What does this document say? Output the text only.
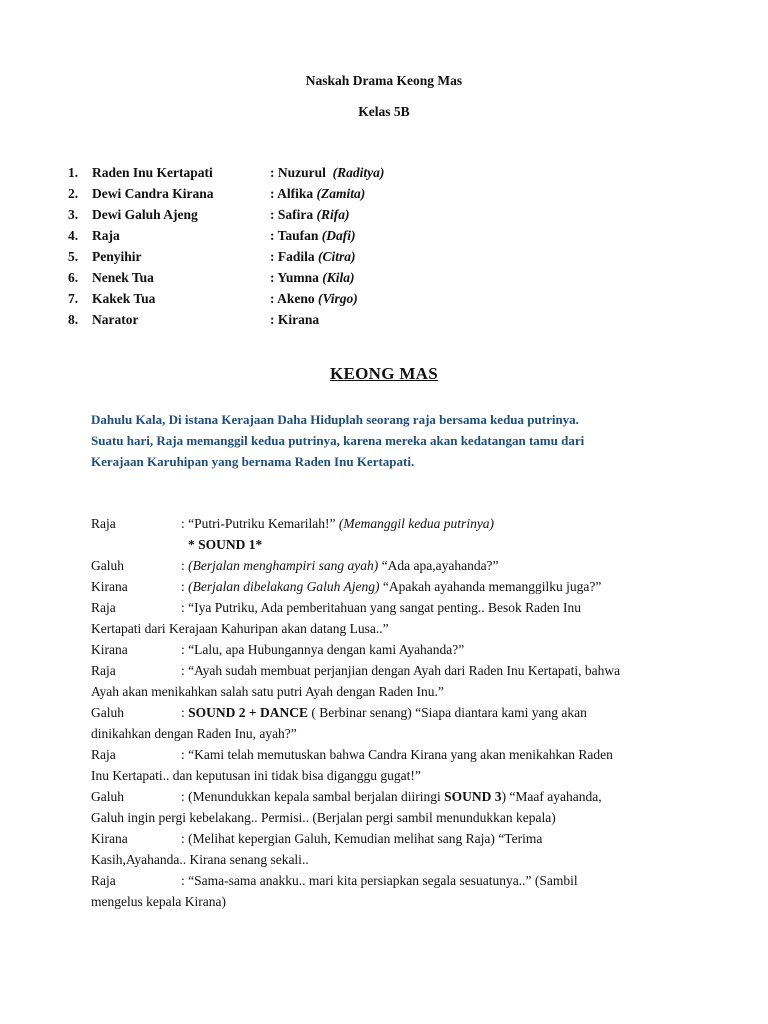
Naskah Drama Keong Mas
Kelas 5B
1. Raden Inu Kertapati	: Nuzurul (Raditya)
2. Dewi Candra Kirana	: Alfika (Zamita)
3. Dewi Galuh Ajeng	: Safira (Rifa)
4. Raja	: Taufan (Dafi)
5. Penyihir	: Fadila (Citra)
6. Nenek Tua	: Yumna (Kila)
7. Kakek Tua	: Akeno (Virgo)
8. Narator	: Kirana
KEONG MAS
Dahulu Kala, Di istana Kerajaan Daha Hiduplah seorang raja bersama kedua putrinya.
Suatu hari, Raja memanggil kedua putrinya, karena mereka akan kedatangan tamu dari
Kerajaan Karuhipan yang bernama Raden Inu Kertapati.
Raja	: “Putri-Putriku Kemarilah!” (Memanggil kedua putrinya)
* SOUND 1*
Galuh	: (Berjalan menghampiri sang ayah) “Ada apa,ayahanda?”
Kirana	: (Berjalan dibelakang Galuh Ajeng) “Apakah ayahanda memanggilku juga?”
Raja	: “Iya Putriku, Ada pemberitahuan yang sangat penting.. Besok Raden Inu
Kertapati dari Kerajaan Kahuripan akan datang Lusa..”
Kirana	: “Lalu, apa Hubungannya dengan kami Ayahanda?”
Raja	: “Ayah sudah membuat perjanjian dengan Ayah dari Raden Inu Kertapati, bahwa
Ayah akan menikahkan salah satu putri Ayah dengan Raden Inu.”
Galuh	: SOUND 2 + DANCE ( Berbinar senang) “Siapa diantara kami yang akan
dinikahkan dengan Raden Inu, ayah?”
Raja	: “Kami telah memutuskan bahwa Candra Kirana yang akan menikahkan Raden
Inu Kertapati.. dan keputusan ini tidak bisa diganggu gugat!”
Galuh	: (Menundukkan kepala sambal berjalan diiringi SOUND 3) “Maaf ayahanda,
Galuh ingin pergi kebelakang.. Permisi.. (Berjalan pergi sambil menundukkan kepala)
Kirana	: (Melihat kepergian Galuh, Kemudian melihat sang Raja) “Terima
Kasih,Ayahanda.. Kirana senang sekali..
Raja	: “Sama-sama anakku.. mari kita persiapkan segala sesuatunya..” (Sambil
mengelus kepala Kirana)
